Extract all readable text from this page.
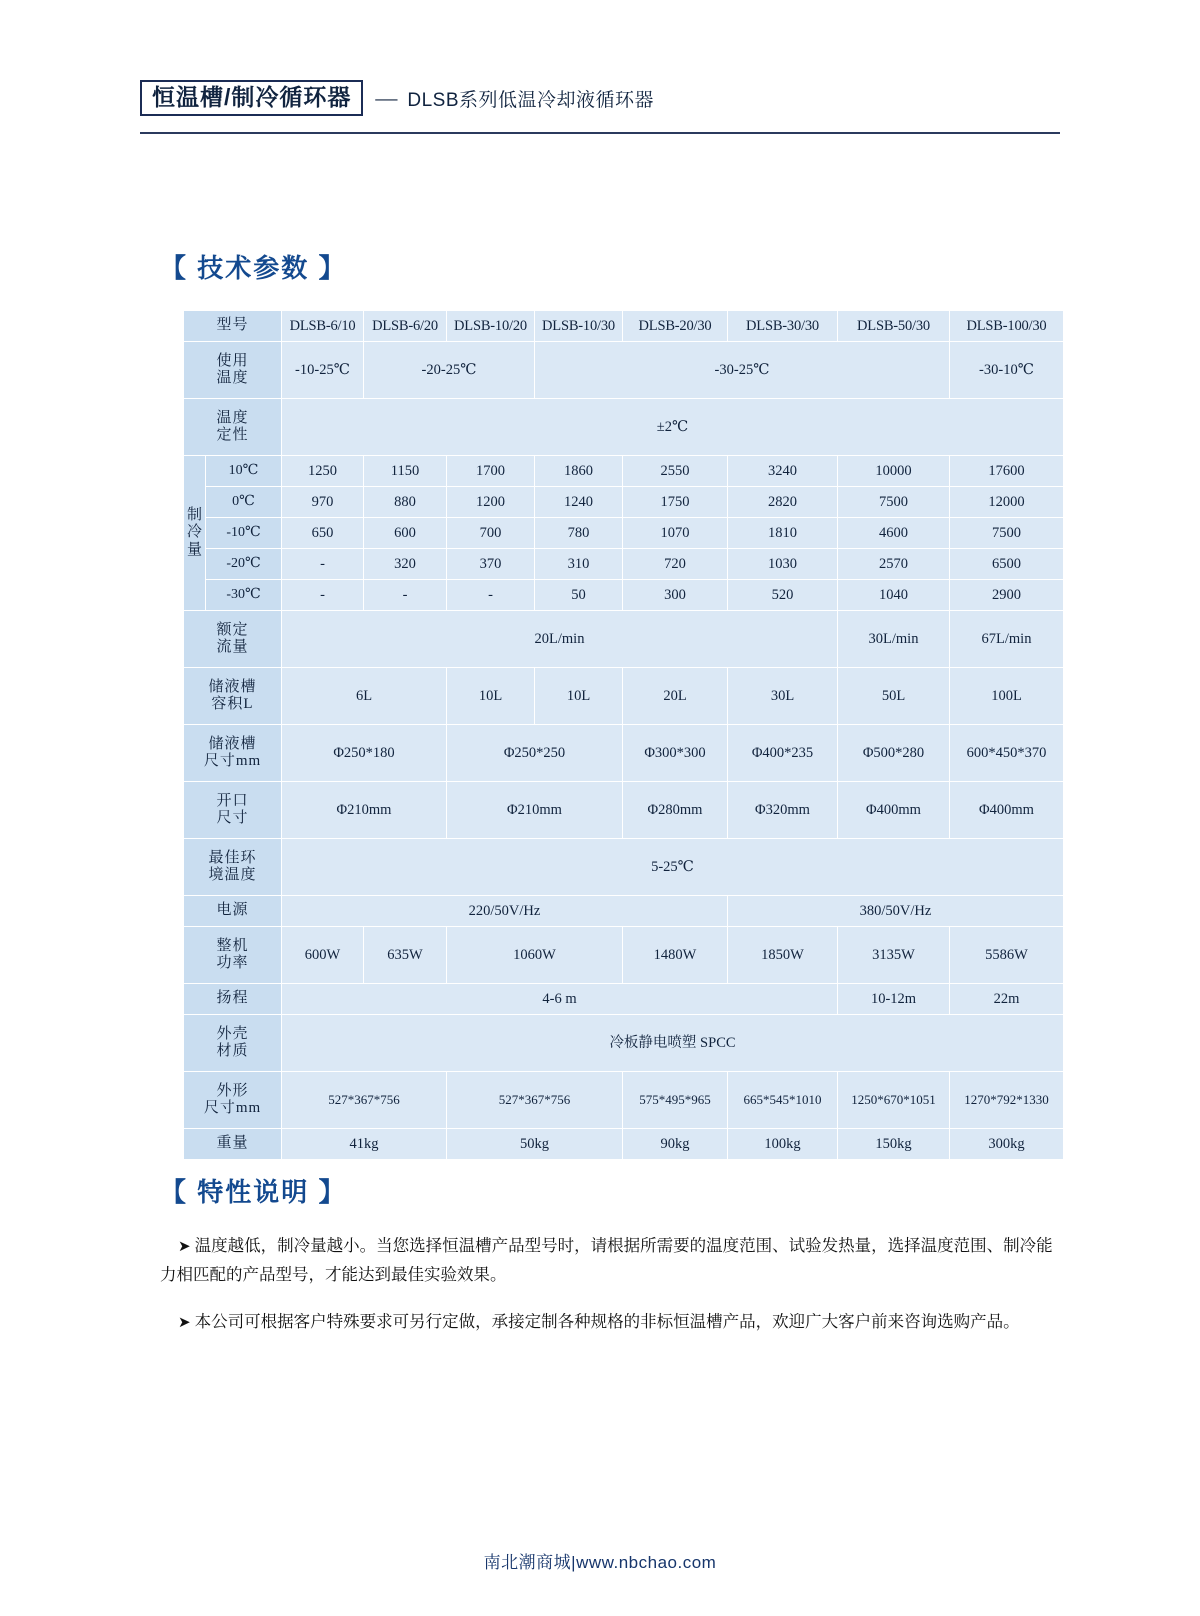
恒温槽/制冷循环器 — DLSB系列低温冷却液循环器
【 技术参数 】
型号		DLSB-6/10	DLSB-6/20	DLSB-10/20	DLSB-10/30	DLSB-20/30	DLSB-30/30	DLSB-50/30	DLSB-100/30

使用
温度		-10-25℃	-20-25℃		-30-25℃				-30-10℃

温度
定性		±2℃							

制
冷
量	10℃	1250	1150	1700	1860	2550	3240	10000	17600
	0℃	970	880	1200	1240	1750	2820	7500	12000
	-10℃	650	600	700	780	1070	1810	4600	7500
	-20℃	-	320	370	310	720	1030	2570	6500
	-30℃	-	-	-	50	300	520	1040	2900

额定
流量		20L/min						30L/min	67L/min

储液槽
容积L		6L		10L	10L	20L	30L	50L	100L

储液槽
尺寸mm		Φ250*180		Φ250*250		Φ300*300	Φ400*235	Φ500*280	600*450*370

开口
尺寸		Φ210mm		Φ210mm		Φ280mm	Φ320mm	Φ400mm	Φ400mm

最佳环
境温度		5-25℃							
电源		220/50V/Hz					380/50V/Hz		

整机
功率		600W	635W	1060W		1480W	1850W	3135W	5586W
扬程		4-6 m						10-12m	22m

外壳
材质		冷板静电喷塑 SPCC							

外形
尺寸mm		527*367*756		527*367*756		575*495*965	665*545*1010	1250*670*1051	1270*792*1330
重量		41kg		50kg		90kg	100kg	150kg	300kg
【 特性说明 】
➤ 温度越低，制冷量越小。当您选择恒温槽产品型号时，请根据所需要的温度范围、试验发热量，选择温度范围、制冷能力相匹配的产品型号，才能达到最佳实验效果。
➤ 本公司可根据客户特殊要求可另行定做，承接定制各种规格的非标恒温槽产品，欢迎广大客户前来咨询选购产品。
南北潮商城|www.nbchao.com
